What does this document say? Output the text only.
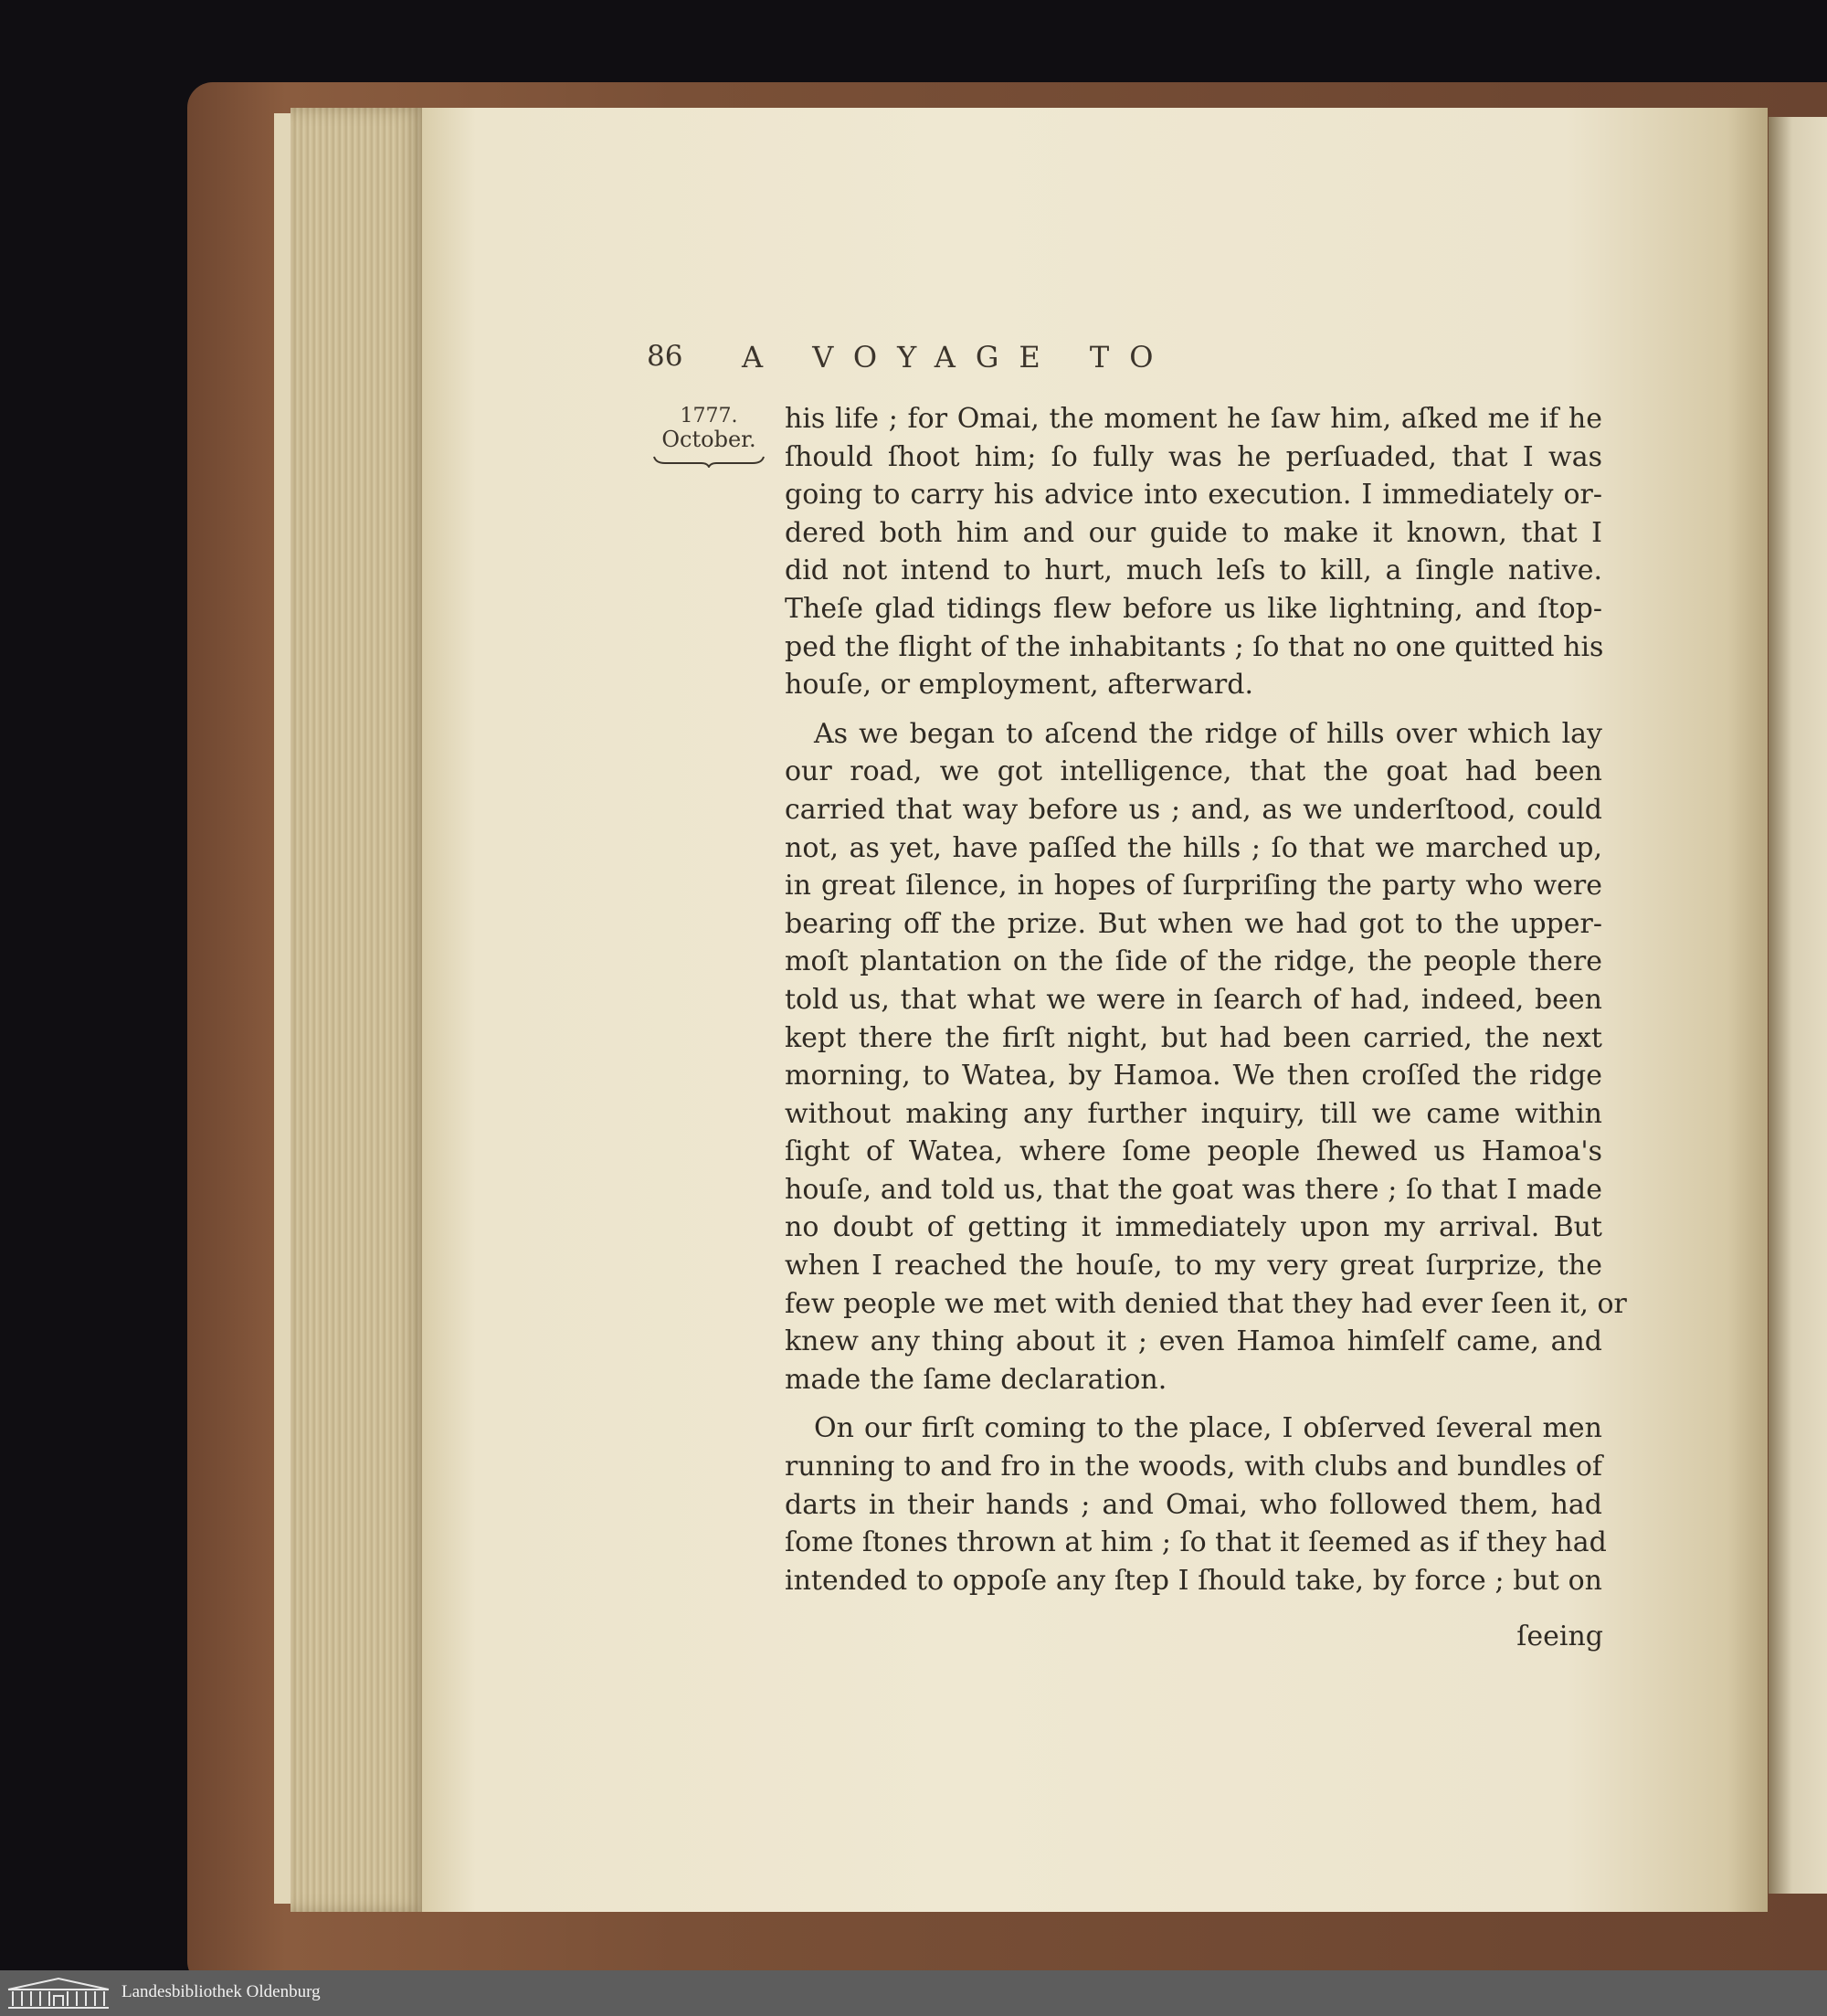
86 A VOYAGE TO
1777.
October.
his life ; for Omai, the moment he ſaw him, aſked me if he
ſhould ſhoot him; ſo fully was he perſuaded, that I was
going to carry his advice into execution. I immediately or-
dered both him and our guide to make it known, that I
did not intend to hurt, much leſs to kill, a ſingle native.
Theſe glad tidings flew before us like lightning, and ſtop-
ped the flight of the inhabitants ; ſo that no one quitted his
houſe, or employment, afterward.
As we began to aſcend the ridge of hills over which lay
our road, we got intelligence, that the goat had been
carried that way before us ; and, as we underſtood, could
not, as yet, have paſſed the hills ; ſo that we marched up,
in great ſilence, in hopes of ſurpriſing the party who were
bearing off the prize. But when we had got to the upper-
moſt plantation on the ſide of the ridge, the people there
told us, that what we were in ſearch of had, indeed, been
kept there the firſt night, but had been carried, the next
morning, to Watea, by Hamoa. We then croſſed the ridge
without making any further inquiry, till we came within
ſight of Watea, where ſome people ſhewed us Hamoa's
houſe, and told us, that the goat was there ; ſo that I made
no doubt of getting it immediately upon my arrival. But
when I reached the houſe, to my very great ſurprize, the
few people we met with denied that they had ever ſeen it, or
knew any thing about it ; even Hamoa himſelf came, and
made the ſame declaration.
On our firſt coming to the place, I obſerved ſeveral men
running to and fro in the woods, with clubs and bundles of
darts in their hands ; and Omai, who followed them, had
ſome ſtones thrown at him ; ſo that it ſeemed as if they had
intended to oppoſe any ſtep I ſhould take, by force ; but on
ſeeing
Landesbibliothek Oldenburg
